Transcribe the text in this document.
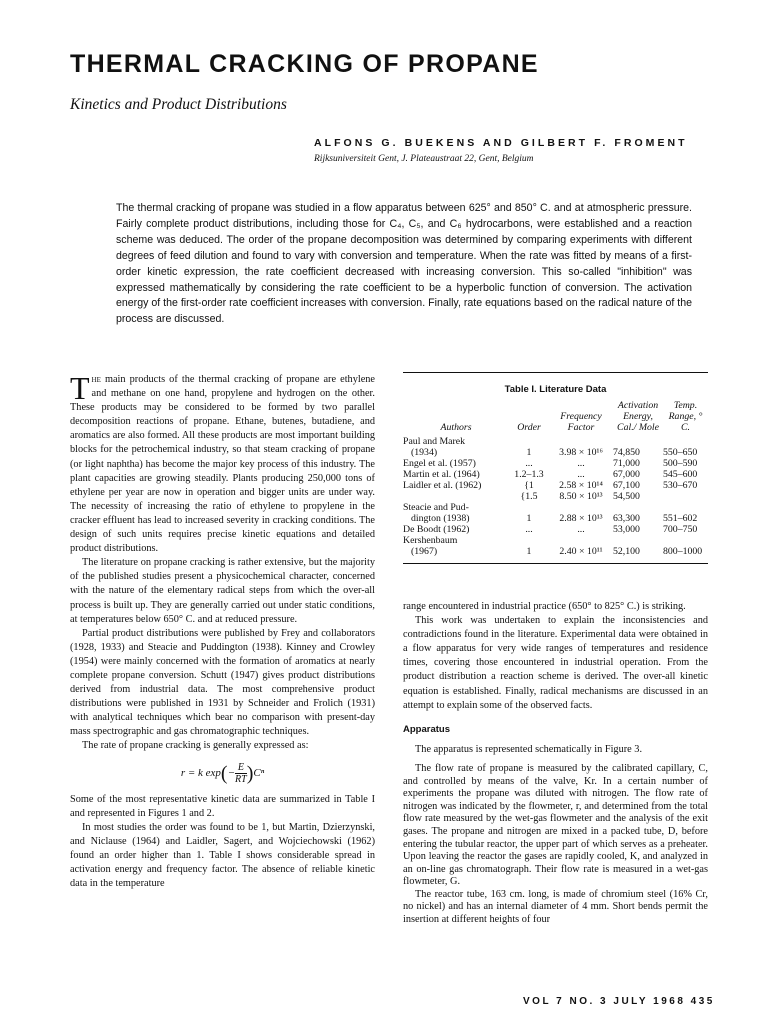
THERMAL CRACKING OF PROPANE
Kinetics and Product Distributions
ALFONS G. BUEKENS AND GILBERT F. FROMENT
Rijksuniversiteit Gent, J. Plateaustraat 22, Gent, Belgium
The thermal cracking of propane was studied in a flow apparatus between 625° and 850° C. and at atmospheric pressure. Fairly complete product distributions, including those for C₄, C₅, and C₆ hydrocarbons, were established and a reaction scheme was deduced. The order of the propane decomposition was determined by comparing experiments with different degrees of feed dilution and found to vary with conversion and temperature. When the rate was fitted by means of a first-order kinetic expression, the rate coefficient decreased with increasing conversion. This so-called "inhibition" was expressed mathematically by considering the rate coefficient to be a hyperbolic function of conversion. The activation energy of the first-order rate coefficient increases with conversion. Finally, rate equations based on the radical nature of the process are discussed.

The main products of the thermal cracking of propane are ethylene and methane on one hand, propylene and hydrogen on the other. These products may be considered to be formed by two parallel decomposition reactions of propane. Ethane, butenes, butadiene, and aromatics are also formed. All these products are most important building blocks for the petrochemical industry, so that steam cracking of propane (or light naphtha) has become the major key process of this industry. The plant capacities are growing steadily. Plants producing 250,000 tons of ethylene per year are now in operation and bigger units are under way. The necessity of increasing the ratio of ethylene to propylene in the cracker effluent has lead to increased severity in cracking conditions. The design of such units requires precise kinetic equations and detailed product distributions.

The literature on propane cracking is rather extensive, but the majority of the published studies present a physicochemical character, concerned with the nature of the elementary radical steps from which the over-all process is built up. They are generally carried out under static conditions, at temperatures below 650° C. and at reduced pressure.

Partial product distributions were published by Frey and collaborators (1928, 1933) and Steacie and Puddington (1938). Kinney and Crowley (1954) were mainly concerned with the formation of aromatics at nearly complete propane conversion. Schutt (1947) gives product distributions derived from industrial data. The most comprehensive product distributions were published in 1931 by Schneider and Frolich (1931) with analytical techniques which bear no comparison with present-day mass spectrographic and gas chromatographic techniques.

The rate of propane cracking is generally expressed as:

r = k $\exp(- \frac{E}{RT} )C^n$

Some of the most representative kinetic data are summarized in Table I and represented in Figures 1 and 2.

In most studies the order was found to be 1, but Martin, Dzierzynski, and Niclause (1964) and Laidler, Sagert, and Wojciechowski (1962) found an order higher than 1. Table I shows considerable spread in activation energy and frequency factor. The absence of reliable kinetic data in the temperature

Table I. Literature Data
Authors	Order	Frequency Factor	Activation Energy, Cal./ Mole	Temp. Range, ° C.
Paul and Marek				
(1934)	1	3.98 × 10¹⁶	74,850	550–650
Engel et al. (1957)	...	...	71,000	500–590
Martin et al. (1964)	1.2–1.3	...	67,000	545–600
Laidler et al. (1962)	{1	2.58 × 10¹⁴	67,100	530–670
	{1.5	8.50 × 10¹³	54,500	
Steacie and Pud-				
dington (1938)	1	2.88 × 10¹³	63,300	551–602
De Boodt (1962)	...	...	53,000	700–750
Kershenbaum				
(1967)	1	2.40 × 10¹¹	52,100	800–1000

range encountered in industrial practice (650° to 825° C.) is striking.

This work was undertaken to explain the inconsistencies and contradictions found in the literature. Experimental data were obtained in a flow apparatus for very wide ranges of temperatures and residence times, covering those encountered in industrial operation. From the product distribution a reaction scheme is derived. The over-all kinetic equation is established. Finally, radical mechanisms are discussed in an attempt to explain some of the observed facts.

Apparatus

The apparatus is represented schematically in Figure 3.

The flow rate of propane is measured by the calibrated capillary, C, and controlled by means of the valve, Kr. In a certain number of experiments the propane was diluted with nitrogen. The flow rate of nitrogen was indicated by the flowmeter, r, and determined from the total flow rate measured by the wet-gas flowmeter and the analysis of the exit gases. The propane and nitrogen are mixed in a packed tube, D, before entering the tubular reactor, the upper part of which serves as a preheater. Upon leaving the reactor the gases are rapidly cooled, K, and analyzed in an on-line gas chromatograph. Their flow rate is measured in a wet-gas flowmeter, G.

The reactor tube, 163 cm. long, is made of chromium steel (16% Cr, no nickel) and has an internal diameter of 4 mm. Short bends permit the insertion at different heights of four

VOL 7 NO. 3 JULY 1968 435
